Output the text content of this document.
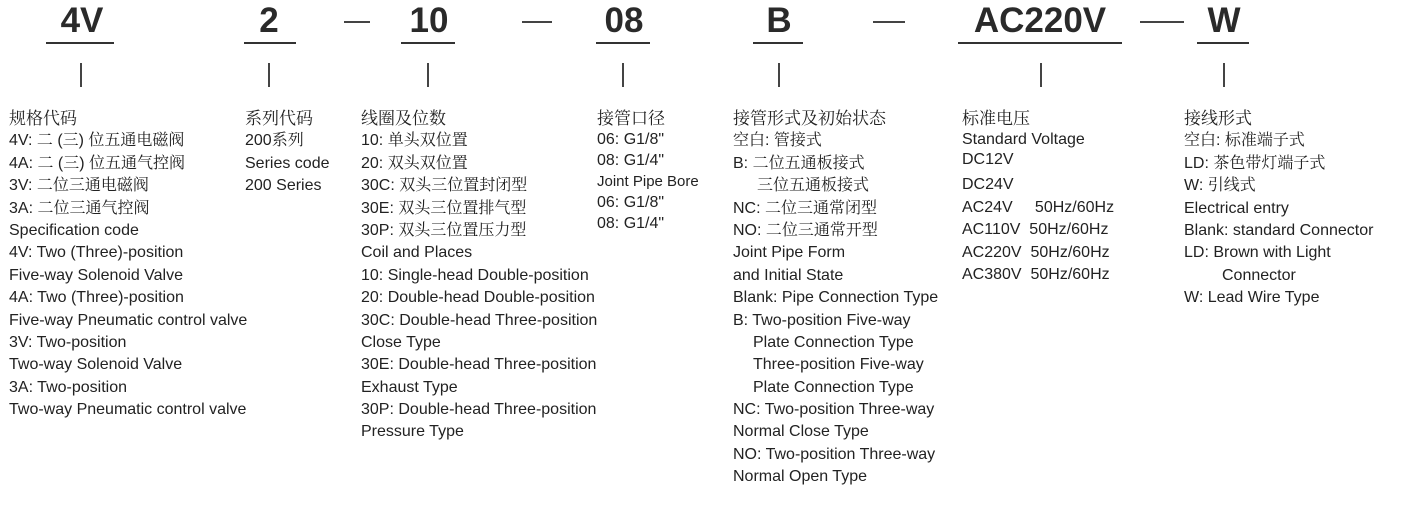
4V	2	10	08	B	AC220V	W
规格代码
4V: 二 (三) 位五通电磁阀
4A: 二 (三) 位五通气控阀
3V: 二位三通电磁阀
3A: 二位三通气控阀
Specification code
4V: Two (Three)-position
Five-way Solenoid Valve
4A: Two (Three)-position
Five-way Pneumatic control valve
3V: Two-position
Two-way Solenoid Valve
3A: Two-position
Two-way Pneumatic control valve
系列代码
200系列
Series code
200 Series
线圈及位数
10: 单头双位置
20: 双头双位置
30C: 双头三位置封闭型
30E: 双头三位置排气型
30P: 双头三位置压力型
Coil and Places
10: Single-head Double-position
20: Double-head Double-position
30C: Double-head Three-position
Close Type
30E: Double-head Three-position
Exhaust Type
30P: Double-head Three-position
Pressure Type
接管口径
06: G1/8"
08: G1/4"
Joint Pipe Bore
06: G1/8"
08: G1/4"
接管形式及初始状态
空白: 管接式
B: 二位五通板接式
三位五通板接式
NC: 二位三通常闭型
NO: 二位三通常开型
Joint Pipe Form
and Initial State
Blank: Pipe Connection Type
B: Two-position Five-way
Plate Connection Type
Three-position Five-way
Plate Connection Type
NC: Two-position Three-way
Normal Close Type
NO: Two-position Three-way
Normal Open Type
标准电压
Standard Voltage
DC12V
DC24V
AC24V     50Hz/60Hz
AC110V  50Hz/60Hz
AC220V  50Hz/60Hz
AC380V  50Hz/60Hz
接线形式
空白: 标准端子式
LD: 茶色带灯端子式
W: 引线式
Electrical entry
Blank: standard Connector
LD: Brown with Light
Connector
W: Lead Wire Type
